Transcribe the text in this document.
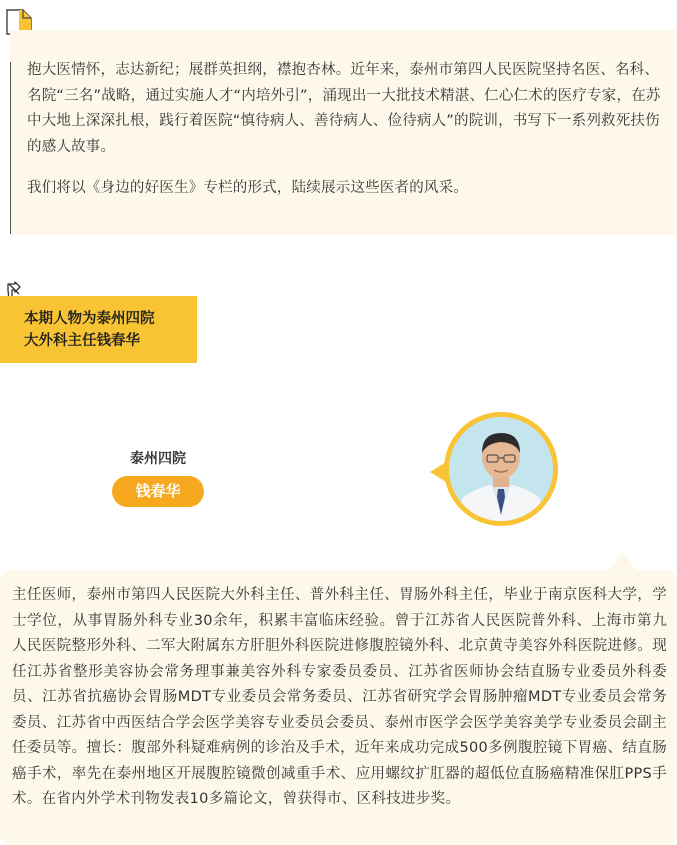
抱大医情怀，志达新纪；展群英担纲，襟抱杏林。近年来，泰州市第四人民医院坚持名医、名科、名院“三名”战略，通过实施人才“内培外引”，涌现出一大批技术精湛、仁心仁术的医疗专家，在苏中大地上深深扎根，践行着医院“慎待病人、善待病人、俭待病人”的院训，书写下一系列救死扶伤的感人故事。

我们将以《身边的好医生》专栏的形式，陆续展示这些医者的风采。

本期人物为泰州四院
大外科主任钱春华
泰州四院
钱春华
主任医师，泰州市第四人民医院大外科主任、普外科主任、胃肠外科主任，毕业于南京医科大学，学士学位，从事胃肠外科专业30余年，积累丰富临床经验。曾于江苏省人民医院普外科、上海市第九人民医院整形外科、二军大附属东方肝胆外科医院进修腹腔镜外科、北京黄寺美容外科医院进修。现任江苏省整形美容协会常务理事兼美容外科专家委员委员、江苏省医师协会结直肠专业委员外科委员、江苏省抗癌协会胃肠MDT专业委员会常务委员、江苏省研究学会胃肠肿瘤MDT专业委员会常务委员、江苏省中西医结合学会医学美容专业委员会委员、泰州市医学会医学美容美学专业委员会副主任委员等。擅长：腹部外科疑难病例的诊治及手术，近年来成功完成500多例腹腔镜下胃癌、结直肠癌手术，率先在泰州地区开展腹腔镜微创减重手术、应用螺纹扩肛器的超低位直肠癌精准保肛PPS手术。在省内外学术刊物发表10多篇论文，曾获得市、区科技进步奖。
